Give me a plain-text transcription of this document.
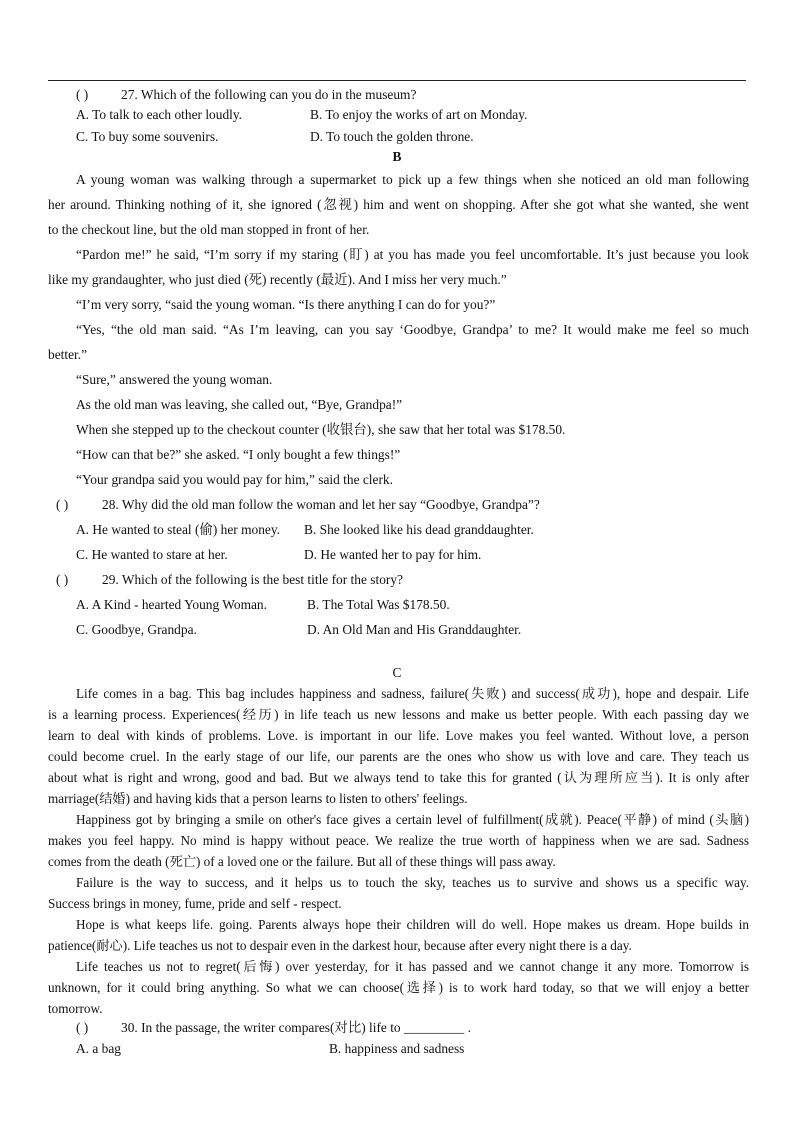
( ) 27. Which of the following can you do in the museum?
A. To talk to each other loudly.	B. To enjoy the works of art on Monday.
C. To buy some souvenirs.	D. To touch the golden throne.
B
A young woman was walking through a supermarket to pick up a few things when she noticed an old man following
her around. Thinking nothing of it, she ignored (忽视) him and went on shopping. After she got what she wanted, she went
to the checkout line, but the old man stopped in front of her.
“Pardon me!” he said, “I’m sorry if my staring (盯) at you has made you feel uncomfortable. It’s just because you look
like my grandaughter, who just died (死) recently (最近). And I miss her very much.”
“I’m very sorry, “said the young woman. “Is there anything I can do for you?”
“Yes, “the old man said. “As I’m leaving, can you say ‘Goodbye, Grandpa’ to me? It would make me feel so much
better.”
“Sure,” answered the young woman.
As the old man was leaving, she called out, “Bye, Grandpa!”
When she stepped up to the checkout counter (收银台), she saw that her total was $178.50.
“How can that be?” she asked. “I only bought a few things!”
“Your grandpa said you would pay for him,” said the clerk.
( )	28. Why did the old man follow the woman and let her say “Goodbye, Grandpa”?
A. He wanted to steal (偷) her money. B. She looked like his dead granddaughter.
C. He wanted to stare at her.	D. He wanted her to pay for him.
( )	29. Which of the following is the best title for the story?
A. A Kind - hearted Young Woman.	B. The Total Was $178.50.
C. Goodbye, Grandpa.	D. An Old Man and His Granddaughter.
C
Life comes in a bag. This bag includes happiness and sadness, failure(失败) and success(成功), hope and despair. Life
is a learning process. Experiences(经历) in life teach us new lessons and make us better people. With each passing day we
learn to deal with kinds of problems. Love. is important in our life. Love makes you feel wanted. Without love, a person
could become cruel. In the early stage of our life, our parents are the ones who show us with love and care. They teach us
about what is right and wrong, good and bad. But we always tend to take this for granted (认为理所应当). It is only after
marriage(结婚) and having kids that a person learns to listen to others' feelings.
Happiness got by bringing a smile on other's face gives a certain level of fulfillment(成就). Peace(平静) of mind (头脑)
makes you feel happy. No mind is happy without peace. We realize the true worth of happiness when we are sad. Sadness
comes from the death (死亡) of a loved one or the failure. But all of these things will pass away.
Failure is the way to success, and it helps us to touch the sky, teaches us to survive and shows us a specific way.
Success brings in money, fume, pride and self - respect.
Hope is what keeps life. going. Parents always hope their children will do well. Hope makes us dream. Hope builds in
patience(耐心). Life teaches us not to despair even in the darkest hour, because after every night there is a day.
Life teaches us not to regret(后悔) over yesterday, for it has passed and we cannot change it any more. Tomorrow is
unknown, for it could bring anything. So what we can choose(选择) is to work hard today, so that we will enjoy a better
tomorrow.
( ) 30. In the passage, the writer compares(对比) life to _________ .
A. a bag	B. happiness and sadness
